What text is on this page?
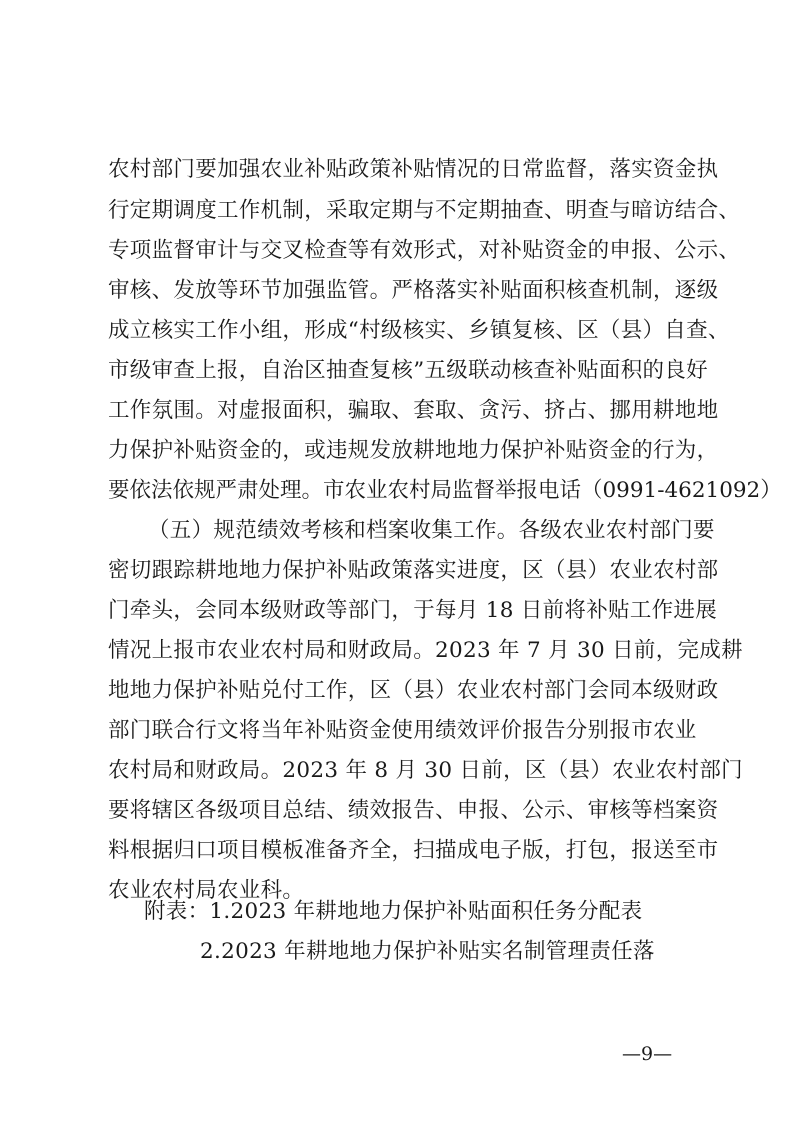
农村部门要加强农业补贴政策补贴情况的日常监督，落实资金执
行定期调度工作机制，采取定期与不定期抽查、明查与暗访结合、
专项监督审计与交叉检查等有效形式，对补贴资金的申报、公示、
审核、发放等环节加强监管。严格落实补贴面积核查机制，逐级
成立核实工作小组，形成“村级核实、乡镇复核、区（县）自查、
市级审查上报，自治区抽查复核”五级联动核查补贴面积的良好
工作氛围。对虚报面积，骗取、套取、贪污、挤占、挪用耕地地
力保护补贴资金的，或违规发放耕地地力保护补贴资金的行为，
要依法依规严肃处理。市农业农村局监督举报电话（0991-4621092）
（五）规范绩效考核和档案收集工作。各级农业农村部门要
密切跟踪耕地地力保护补贴政策落实进度，区（县）农业农村部
门牵头，会同本级财政等部门，于每月 18 日前将补贴工作进展
情况上报市农业农村局和财政局。2023 年 7 月 30 日前，完成耕
地地力保护补贴兑付工作，区（县）农业农村部门会同本级财政
部门联合行文将当年补贴资金使用绩效评价报告分别报市农业
农村局和财政局。2023 年 8 月 30 日前，区（县）农业农村部门
要将辖区各级项目总结、绩效报告、申报、公示、审核等档案资
料根据归口项目模板准备齐全，扫描成电子版，打包，报送至市
农业农村局农业科。
附表：1.2023 年耕地地力保护补贴面积任务分配表
2.2023 年耕地地力保护补贴实名制管理责任落
—9—
